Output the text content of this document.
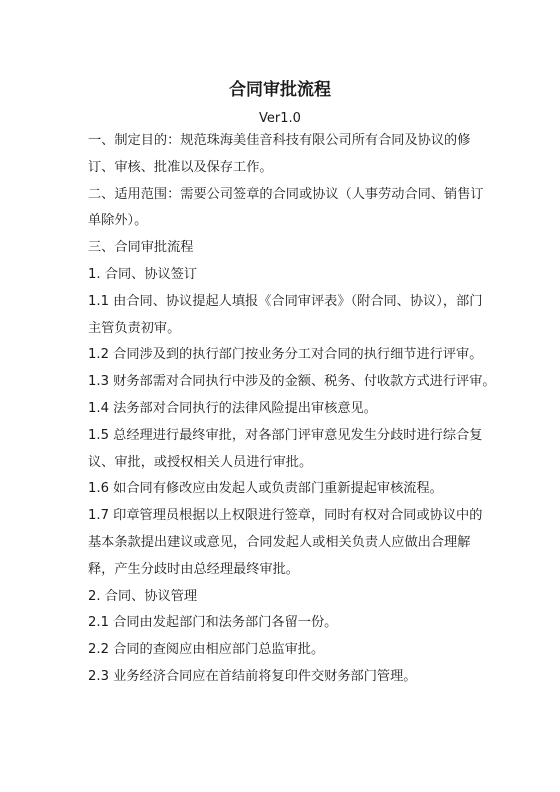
合同审批流程
Ver1.0

一、制定目的：规范珠海美佳音科技有限公司所有合同及协议的修

订、审核、批准以及保存工作。

二、适用范围：需要公司签章的合同或协议（人事劳动合同、销售订

单除外）。

三、合同审批流程

1. 合同、协议签订

1.1 由合同、协议提起人填报《合同审评表》（附合同、协议），部门

主管负责初审。

1.2 合同涉及到的执行部门按业务分工对合同的执行细节进行评审。

1.3 财务部需对合同执行中涉及的金额、税务、付收款方式进行评审。

1.4 法务部对合同执行的法律风险提出审核意见。

1.5 总经理进行最终审批，对各部门评审意见发生分歧时进行综合复

议、审批，或授权相关人员进行审批。

1.6 如合同有修改应由发起人或负责部门重新提起审核流程。

1.7 印章管理员根据以上权限进行签章，同时有权对合同或协议中的

基本条款提出建议或意见，合同发起人或相关负责人应做出合理解

释，产生分歧时由总经理最终审批。

2. 合同、协议管理

2.1 合同由发起部门和法务部门各留一份。

2.2 合同的查阅应由相应部门总监审批。

2.3 业务经济合同应在首结前将复印件交财务部门管理。
